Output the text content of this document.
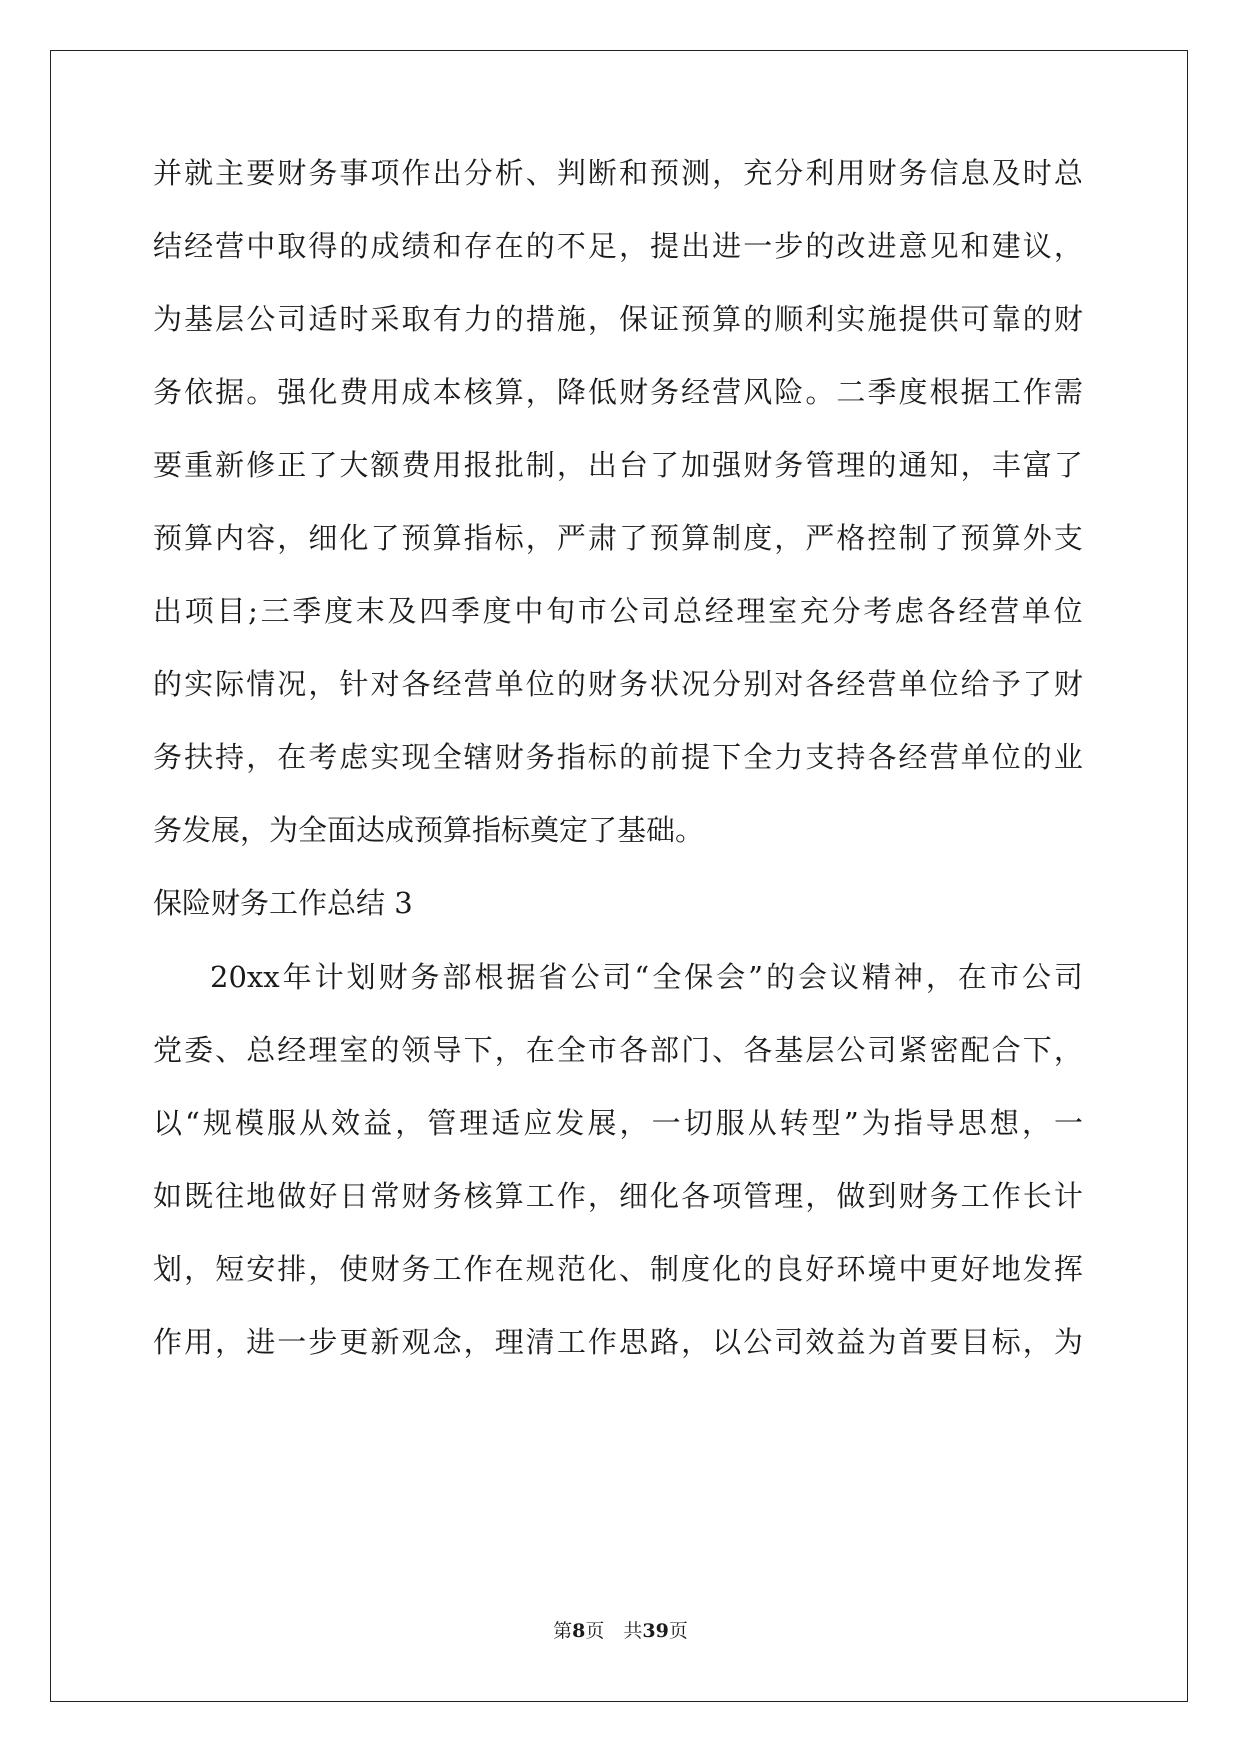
并 就 主 要 财 务 事 项 作 出 分 析 、 判 断 和 预 测 ， 充 分 利 用 财 务 信 息 及 时 总
结 经 营 中 取 得 的 成 绩 和 存 在 的 不 足 ， 提 出 进 一 步 的 改 进 意 见 和 建 议 ，
为 基 层 公 司 适 时 采 取 有 力 的 措 施 ， 保 证 预 算 的 顺 利 实 施 提 供 可 靠 的 财
务 依 据 。 强 化 费 用 成 本 核 算 ， 降 低 财 务 经 营 风 险 。 二 季 度 根 据 工 作 需
要 重 新 修 正 了 大 额 费 用 报 批 制 ， 出 台 了 加 强 财 务 管 理 的 通 知 ， 丰 富 了
预 算 内 容 ， 细 化 了 预 算 指 标 ， 严 肃 了 预 算 制 度 ， 严 格 控 制 了 预 算 外 支
出 项 目 ; 三 季 度 末 及 四 季 度 中 旬 市 公 司 总 经 理 室 充 分 考 虑 各 经 营 单 位
的 实 际 情 况 ， 针 对 各 经 营 单 位 的 财 务 状 况 分 别 对 各 经 营 单 位 给 予 了 财
务 扶 持 ， 在 考 虑 实 现 全 辖 财 务 指 标 的 前 提 下 全 力 支 持 各 经 营 单 位 的 业
务发展，为全面达成预算指标奠定了基础。
保险财务工作总结 3
20xx 年 计 划 财 务 部 根 据 省 公 司 “ 全 保 会 ” 的 会 议 精 神 ， 在 市 公 司
党 委 、 总 经 理 室 的 领 导 下 ， 在 全 市 各 部 门 、 各 基 层 公 司 紧 密 配 合 下 ，
以 “ 规 模 服 从 效 益 ， 管 理 适 应 发 展 ， 一 切 服 从 转 型 ” 为 指 导 思 想 ， 一
如 既 往 地 做 好 日 常 财 务 核 算 工 作 ， 细 化 各 项 管 理 ， 做 到 财 务 工 作 长 计
划 ， 短 安 排 ， 使 财 务 工 作 在 规 范 化 、 制 度 化 的 良 好 环 境 中 更 好 地 发 挥
作 用 ， 进 一 步 更 新 观 念 ， 理 清 工 作 思 路 ， 以 公 司 效 益 为 首 要 目 标 ， 为
第8页　共39页
